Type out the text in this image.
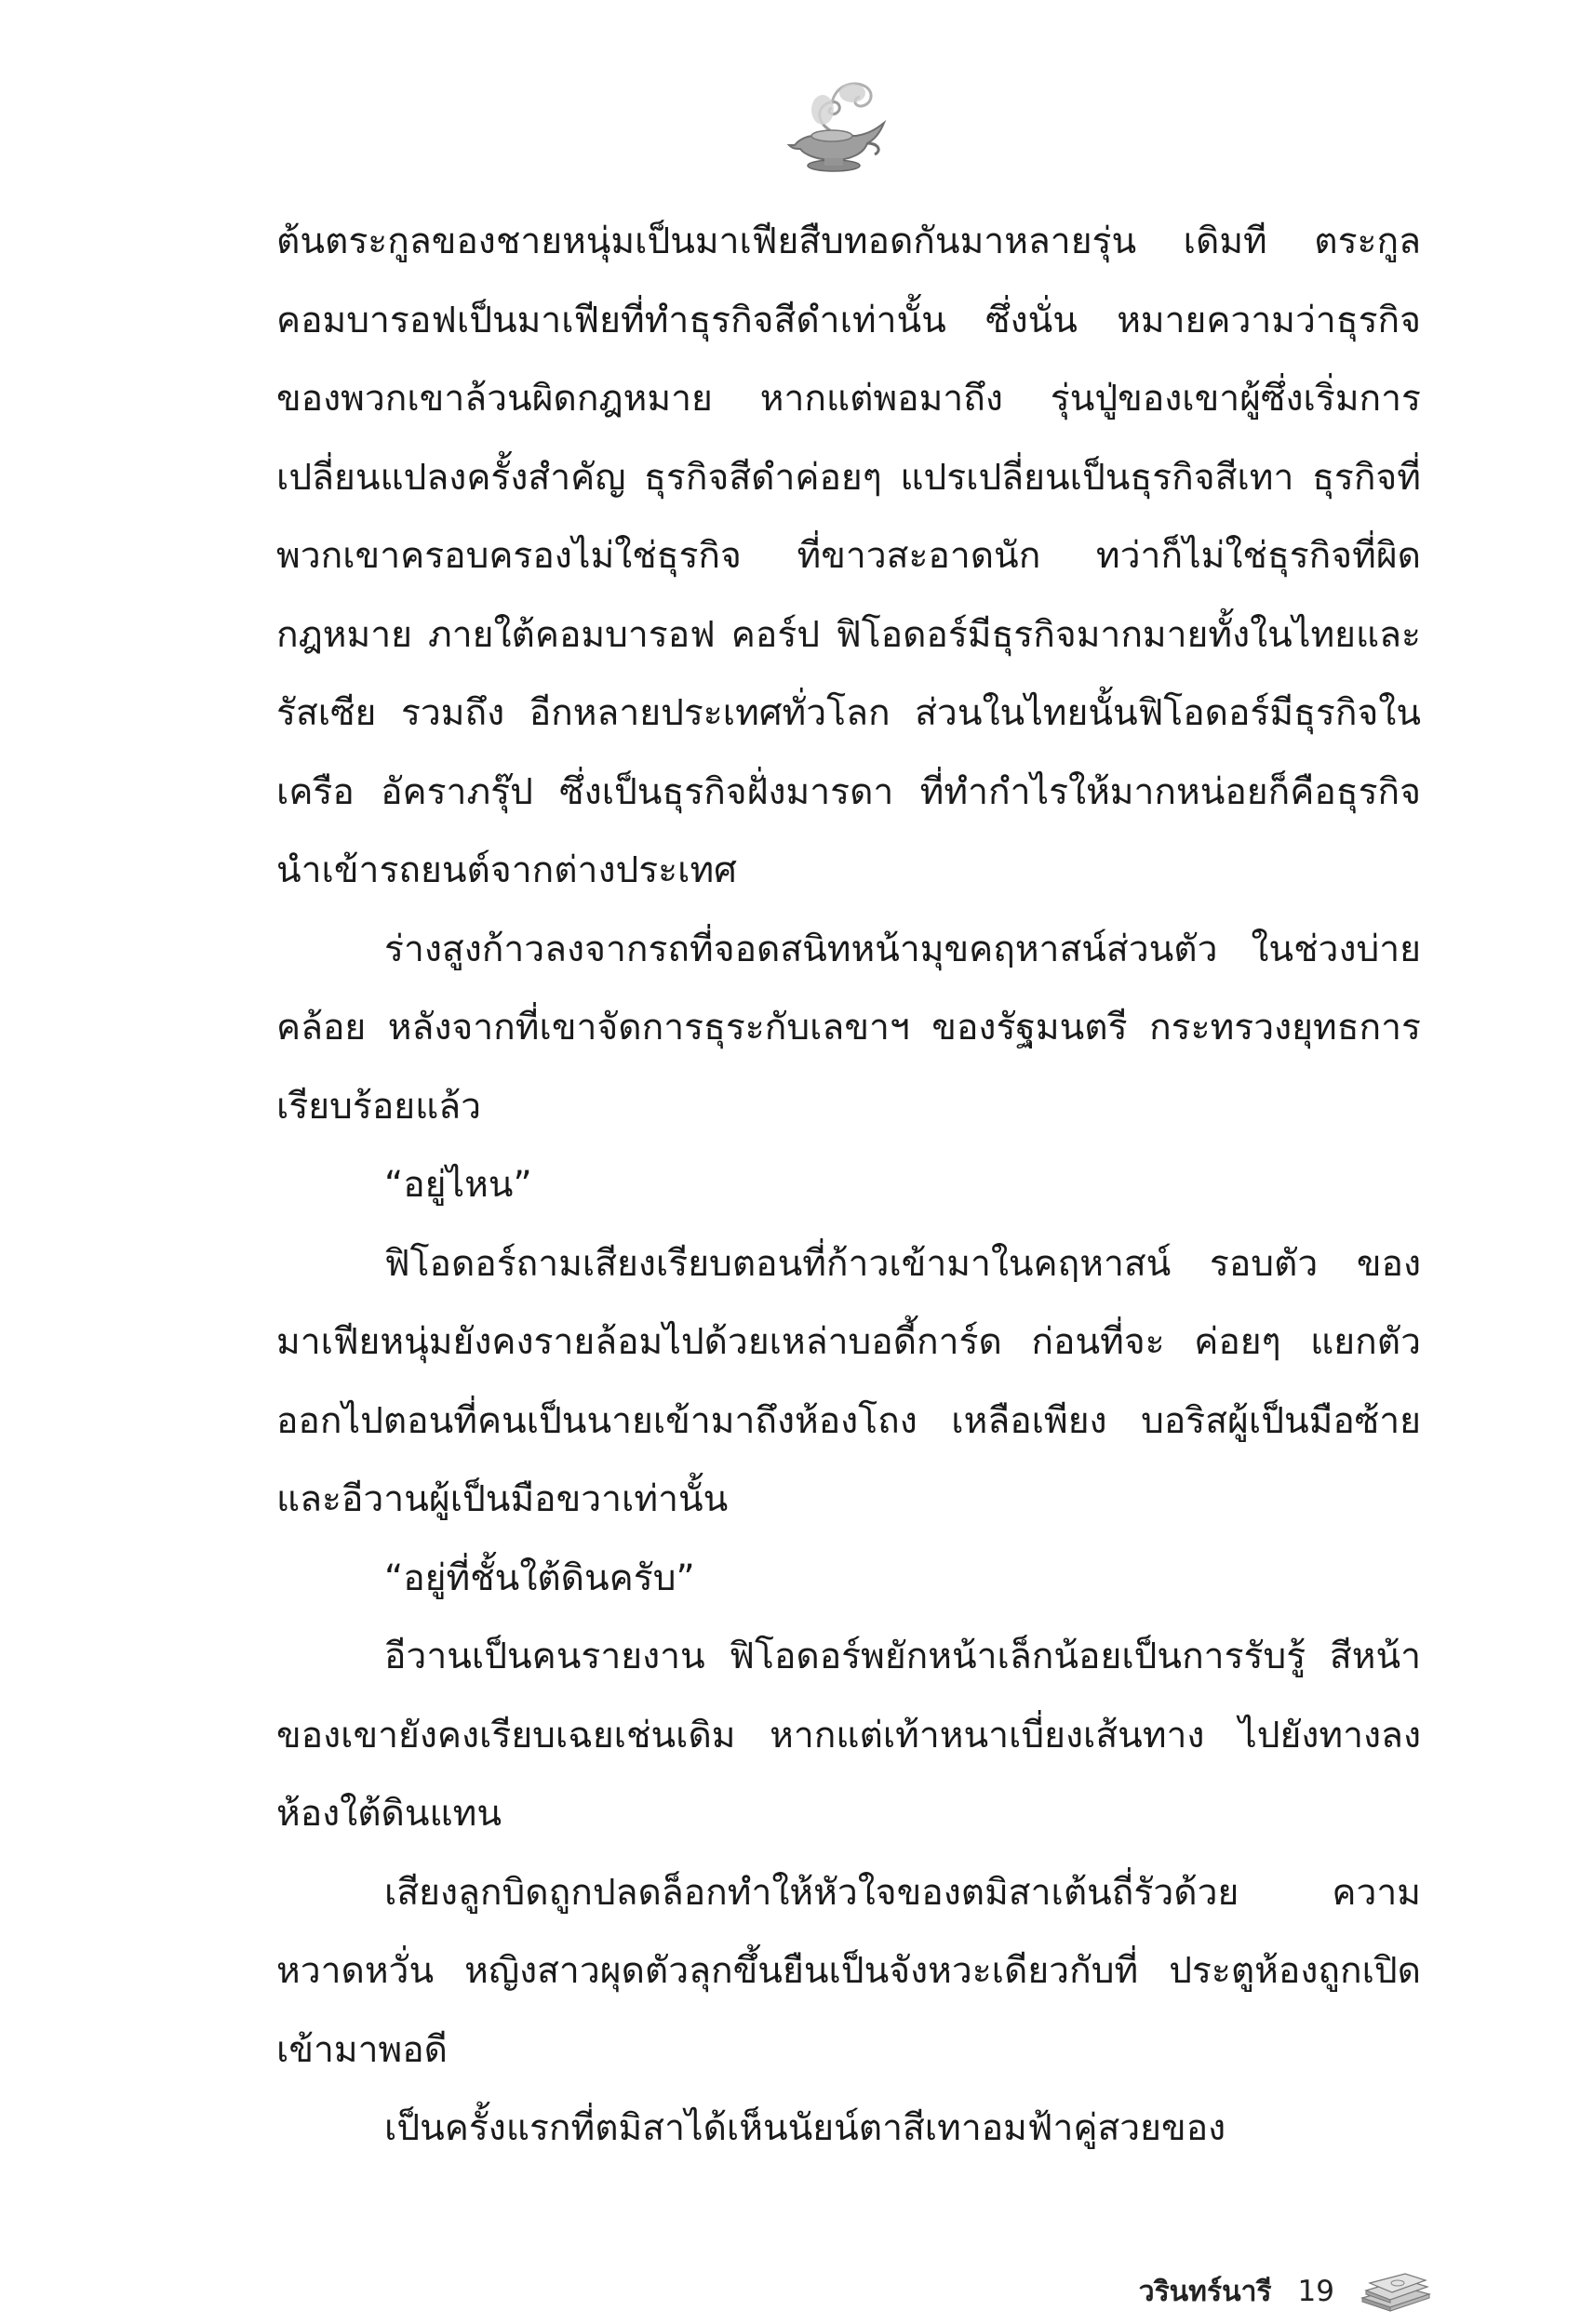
ต้นตระกูลของชายหนุ่มเป็นมาเฟียสืบทอดกันมาหลายรุ่น เดิมที ตระกูลคอมบารอฟเป็นมาเฟียที่ทำธุรกิจสีดำเท่านั้น ซึ่งนั่น หมายความว่าธุรกิจของพวกเขาล้วนผิดกฎหมาย หากแต่พอมาถึง รุ่นปู่ของเขาผู้ซึ่งเริ่มการเปลี่ยนแปลงครั้งสำคัญ ธุรกิจสีดำค่อยๆ แปรเปลี่ยนเป็นธุรกิจสีเทา ธุรกิจที่พวกเขาครอบครองไม่ใช่ธุรกิจ ที่ขาวสะอาดนัก ทว่าก็ไม่ใช่ธุรกิจที่ผิดกฎหมาย ภายใต้คอมบารอฟ คอร์ป ฟิโอดอร์มีธุรกิจมากมายทั้งในไทยและรัสเซีย รวมถึง อีกหลายประเทศทั่วโลก ส่วนในไทยนั้นฟิโอดอร์มีธุรกิจในเครือ อัคราภรุ๊ป ซึ่งเป็นธุรกิจฝั่งมารดา ที่ทำกำไรให้มากหน่อยก็คือธุรกิจ นำเข้ารถยนต์จากต่างประเทศ

ร่างสูงก้าวลงจากรถที่จอดสนิทหน้ามุขคฤหาสน์ส่วนตัว ในช่วงบ่ายคล้อย หลังจากที่เขาจัดการธุระกับเลขาฯ ของรัฐมนตรี กระทรวงยุทธการเรียบร้อยแล้ว

“อยู่ไหน”

ฟิโอดอร์ถามเสียงเรียบตอนที่ก้าวเข้ามาในคฤหาสน์ รอบตัว ของมาเฟียหนุ่มยังคงรายล้อมไปด้วยเหล่าบอดี้การ์ด ก่อนที่จะ ค่อยๆ แยกตัวออกไปตอนที่คนเป็นนายเข้ามาถึงห้องโถง เหลือเพียง บอริสผู้เป็นมือซ้าย และอีวานผู้เป็นมือขวาเท่านั้น

“อยู่ที่ชั้นใต้ดินครับ”

อีวานเป็นคนรายงาน ฟิโอดอร์พยักหน้าเล็กน้อยเป็นการรับรู้ สีหน้าของเขายังคงเรียบเฉยเช่นเดิม หากแต่เท้าหนาเบี่ยงเส้นทาง ไปยังทางลงห้องใต้ดินแทน

เสียงลูกบิดถูกปลดล็อกทำให้หัวใจของตมิสาเต้นถี่รัวด้วย ความหวาดหวั่น หญิงสาวผุดตัวลุกขึ้นยืนเป็นจังหวะเดียวกับที่ ประตูห้องถูกเปิดเข้ามาพอดี

เป็นครั้งแรกที่ตมิสาได้เห็นนัยน์ตาสีเทาอมฟ้าคู่สวยของ

วรินทร์นารี 19
